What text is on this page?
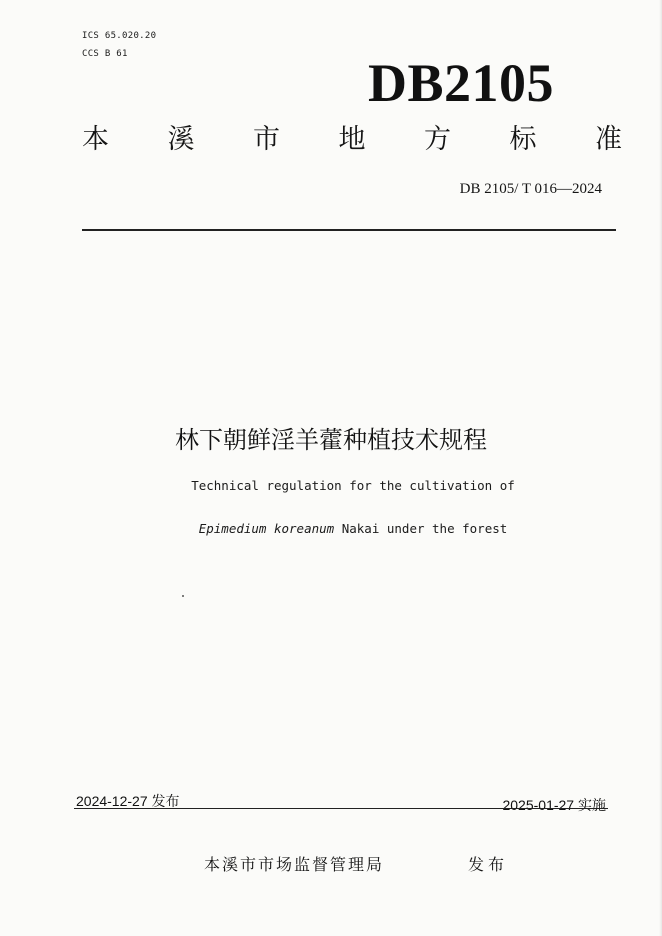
ICS 65.020.20
CCS B 61	DB2105
本 溪 市 地 方 标 准
DB 2105/ T 016—2024
林下朝鲜淫羊藿种植技术规程
Technical regulation for the cultivation of
Epimedium koreanum Nakai under the forest
2024-12-27 发布	2025-01-27 实施
本溪市市场监督管理局	发布
